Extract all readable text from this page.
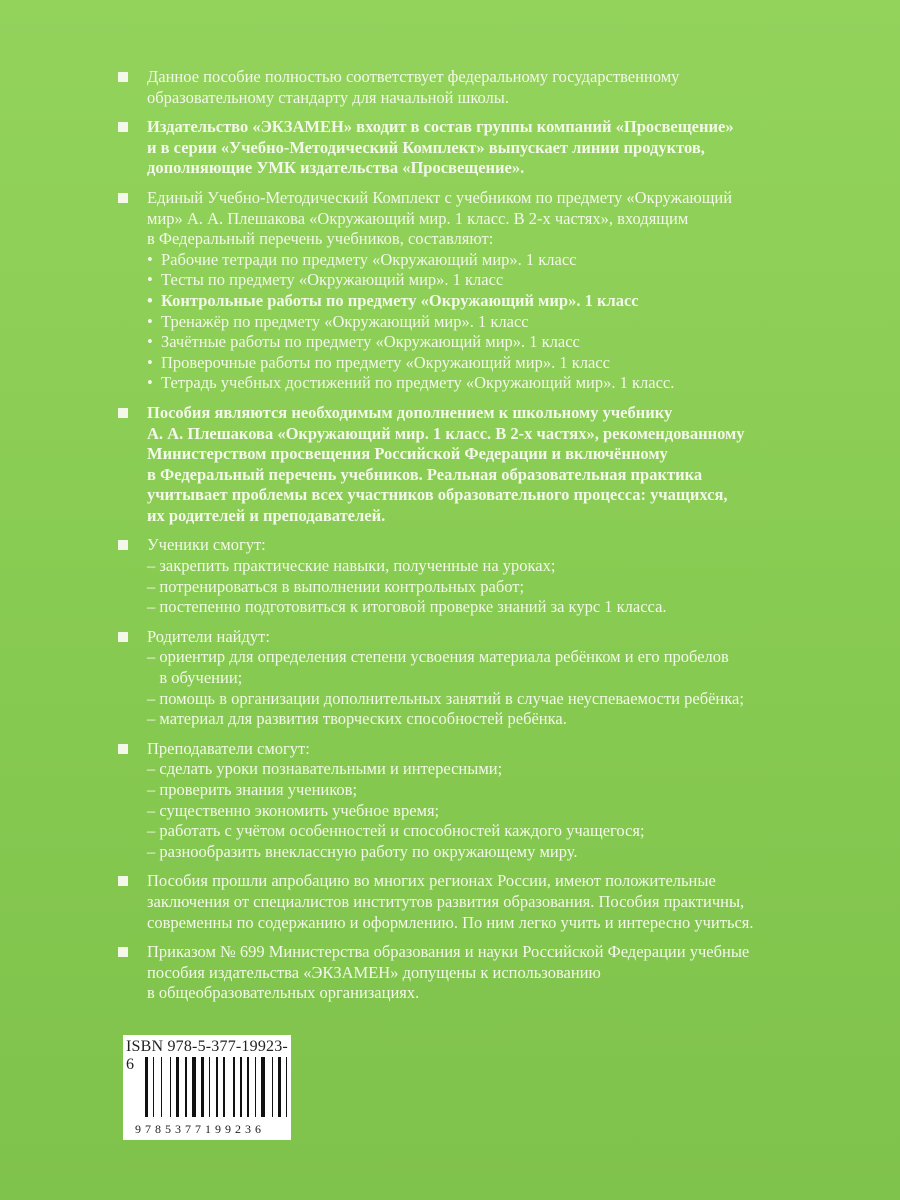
Данное пособие полностью соответствует федеральному государственному
образовательному стандарту для начальной школы.
Издательство «ЭКЗАМЕН» входит в состав группы компаний «Просвещение»
и в серии «Учебно-Методический Комплект» выпускает линии продуктов,
дополняющие УМК издательства «Просвещение».
Единый Учебно-Методический Комплект с учебником по предмету «Окружающий
мир» А. А. Плешакова «Окружающий мир. 1 класс. В 2-х частях», входящим
в Федеральный перечень учебников, составляют:
• Рабочие тетради по предмету «Окружающий мир». 1 класс
• Тесты по предмету «Окружающий мир». 1 класс
• Контрольные работы по предмету «Окружающий мир». 1 класс
• Тренажёр по предмету «Окружающий мир». 1 класс
• Зачётные работы по предмету «Окружающий мир». 1 класс
• Проверочные работы по предмету «Окружающий мир». 1 класс
• Тетрадь учебных достижений по предмету «Окружающий мир». 1 класс.
Пособия являются необходимым дополнением к школьному учебнику
А. А. Плешакова «Окружающий мир. 1 класс. В 2-х частях», рекомендованному
Министерством просвещения Российской Федерации и включённому
в Федеральный перечень учебников. Реальная образовательная практика
учитывает проблемы всех участников образовательного процесса: учащихся,
их родителей и преподавателей.
Ученики смогут:
– закрепить практические навыки, полученные на уроках;
– потренироваться в выполнении контрольных работ;
– постепенно подготовиться к итоговой проверке знаний за курс 1 класса.
Родители найдут:
– ориентир для определения степени усвоения материала ребёнком и его пробелов
в обучении;
– помощь в организации дополнительных занятий в случае неуспеваемости ребёнка;
– материал для развития творческих способностей ребёнка.
Преподаватели смогут:
– сделать уроки познавательными и интересными;
– проверить знания учеников;
– существенно экономить учебное время;
– работать с учётом особенностей и способностей каждого учащегося;
– разнообразить внеклассную работу по окружающему миру.
Пособия прошли апробацию во многих регионах России, имеют положительные
заключения от специалистов институтов развития образования. Пособия практичны,
современны по содержанию и оформлению. По ним легко учить и интересно учиться.
Приказом № 699 Министерства образования и науки Российской Федерации учебные
пособия издательства «ЭКЗАМЕН» допущены к использованию
в общеобразовательных организациях.
ISBN 978-5-377-19923-6
9785377199236
